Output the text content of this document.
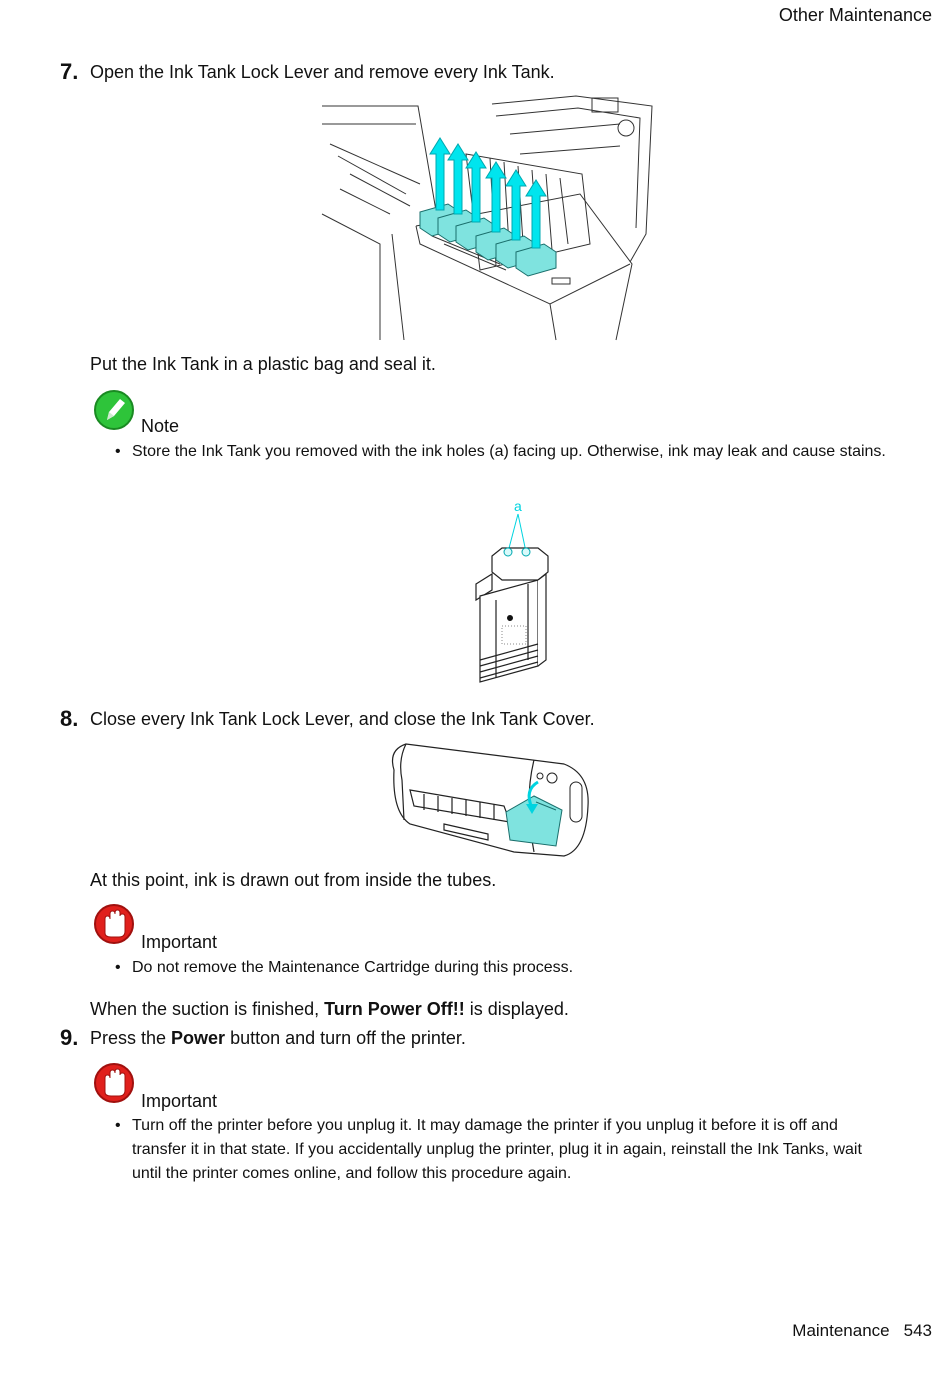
Other Maintenance
7. Open the Ink Tank Lock Lever and remove every Ink Tank.
Put the Ink Tank in a plastic bag and seal it.
Note
• Store the Ink Tank you removed with the ink holes (a) facing up. Otherwise, ink may leak and cause stains.
a
8. Close every Ink Tank Lock Lever, and close the Ink Tank Cover.
At this point, ink is drawn out from inside the tubes.
Important
• Do not remove the Maintenance Cartridge during this process.
When the suction is finished, Turn Power Off!! is displayed.
9. Press the Power button and turn off the printer.
Important
• Turn off the printer before you unplug it. It may damage the printer if you unplug it before it is off and transfer it in that state. If you accidentally unplug the printer, plug it in again, reinstall the Ink Tanks, wait until the printer comes online, and follow this procedure again.
Maintenance 543
